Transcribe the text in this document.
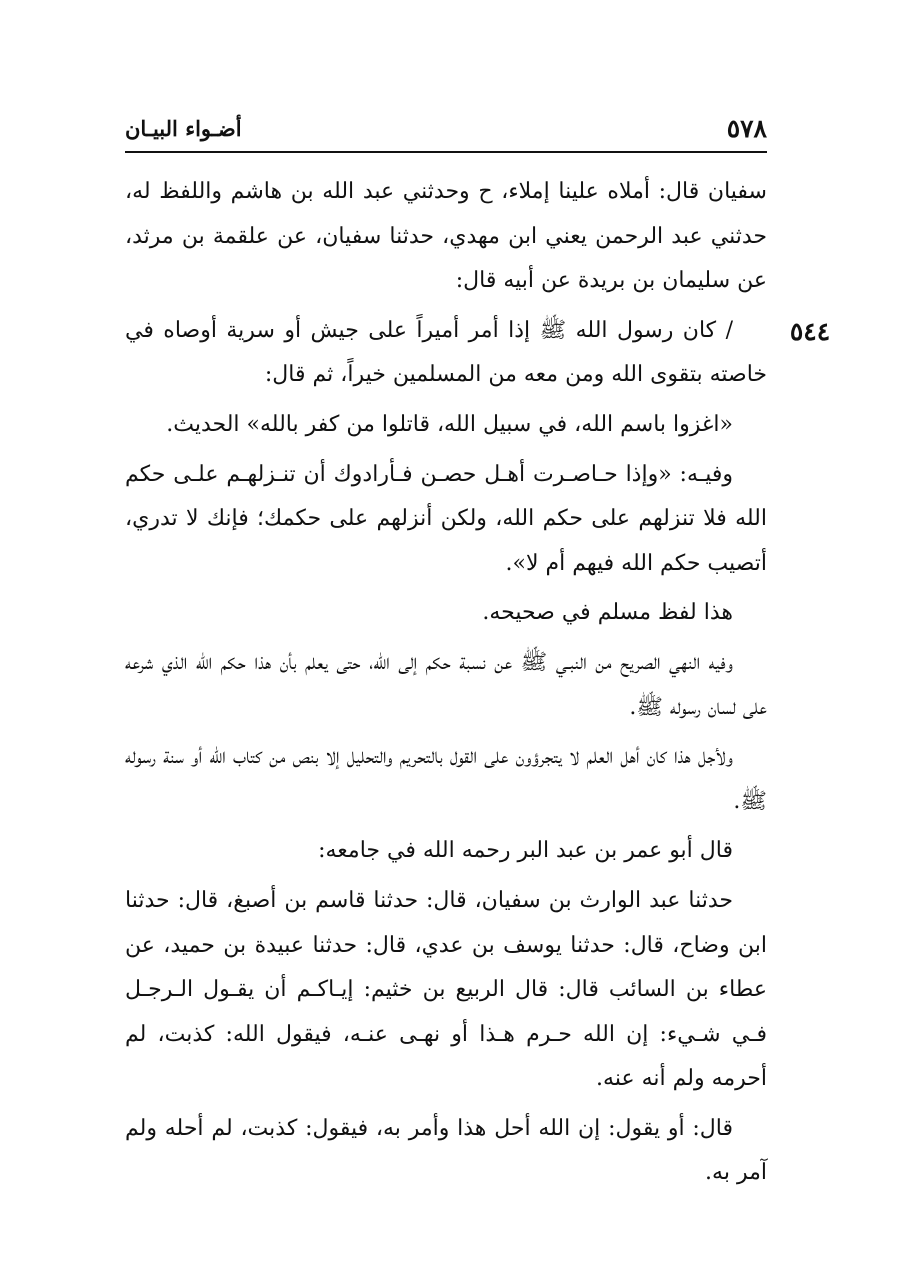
٥٧٨
أضـواء البيـان
٥٤٤

سفيان قال: أملاه علينا إملاء، ح وحدثني عبد الله بن هاشم واللفظ له، حدثني عبد الرحمن يعني ابن مهدي، حدثنا سفيان، عن علقمة بن مرثد، عن سليمان بن بريدة عن أبيه قال:

/ كان رسول الله ﷺ إذا أمر أميراً على جيش أو سرية أوصاه في خاصته بتقوى الله ومن معه من المسلمين خيراً، ثم قال:

«اغزوا باسم الله، في سبيل الله، قاتلوا من كفر بالله» الحديث.

وفيـه: «وإذا حـاصـرت أهـل حصـن فـأرادوك أن تنـزلهـم علـى حكم الله فلا تنزلهم على حكم الله، ولكن أنزلهم على حكمك؛ فإنك لا تدري، أتصيب حكم الله فيهم أم لا».

هذا لفظ مسلم في صحيحه.

وفيه النهي الصريح من النبـي ﷺ عن نسبة حكم إلى الله، حتى يعلم بأن هذا حكم الله الذي شرعه على لسان رسوله ﷺ.

ولأجل هذا كان أهل العلم لا يتجرؤون على القول بالتحريم والتحليل إلا بنص من كتاب الله أو سنة رسوله ﷺ.

قال أبو عمر بن عبد البر رحمه الله في جامعه:

حدثنا عبد الوارث بن سفيان، قال: حدثنا قاسم بن أصبغ، قال: حدثنا ابن وضاح، قال: حدثنا يوسف بن عدي، قال: حدثنا عبيدة بن حميد، عن عطاء بن السائب قال: قال الربيع بن خثيم: إيـاكـم أن يقـول الـرجـل فـي شـيء: إن الله حـرم هـذا أو نهـى عنـه، فيقول الله: كذبت، لم أحرمه ولم أنه عنه.

قال: أو يقول: إن الله أحل هذا وأمر به، فيقول: كذبت، لم أحله ولم آمر به.
